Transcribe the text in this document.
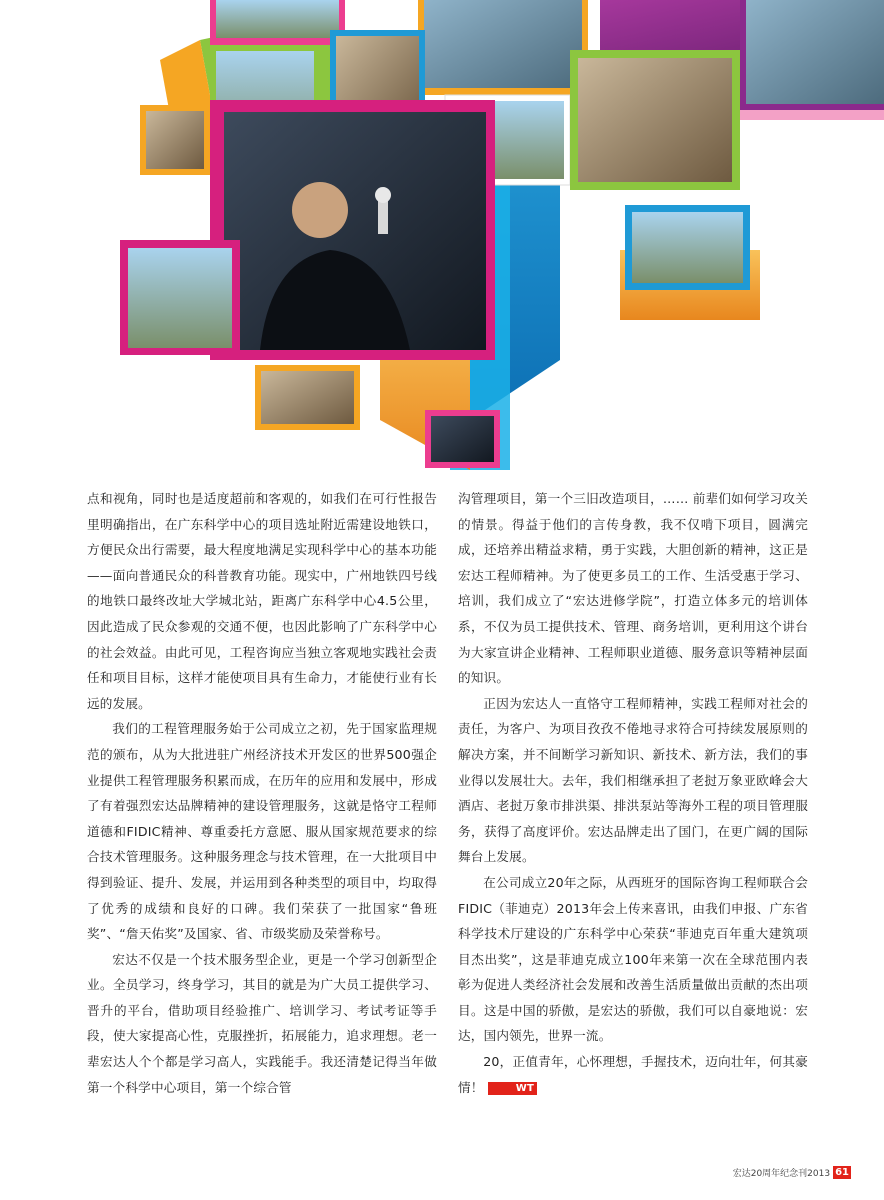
点和视角，同时也是适度超前和客观的，如我们在可行性报告里明确指出，在广东科学中心的项目选址附近需建设地铁口，方便民众出行需要，最大程度地满足实现科学中心的基本功能——面向普通民众的科普教育功能。现实中，广州地铁四号线的地铁口最终改址大学城北站，距离广东科学中心4.5公里，因此造成了民众参观的交通不便，也因此影响了广东科学中心的社会效益。由此可见，工程咨询应当独立客观地实践社会责任和项目目标，这样才能使项目具有生命力，才能使行业有长远的发展。

我们的工程管理服务始于公司成立之初，先于国家监理规范的颁布，从为大批进驻广州经济技术开发区的世界500强企业提供工程管理服务积累而成，在历年的应用和发展中，形成了有着强烈宏达品牌精神的建设管理服务，这就是恪守工程师道德和FIDIC精神、尊重委托方意愿、服从国家规范要求的综合技术管理服务。这种服务理念与技术管理，在一大批项目中得到验证、提升、发展，并运用到各种类型的项目中，均取得了优秀的成绩和良好的口碑。我们荣获了一批国家“鲁班奖”、“詹天佑奖”及国家、省、市级奖励及荣誉称号。

宏达不仅是一个技术服务型企业，更是一个学习创新型企业。全员学习，终身学习，其目的就是为广大员工提供学习、晋升的平台，借助项目经验推广、培训学习、考试考证等手段，使大家提高心性，克服挫折，拓展能力，追求理想。老一辈宏达人个个都是学习高人，实践能手。我还清楚记得当年做第一个科学中心项目，第一个综合管

沟管理项目，第一个三旧改造项目，…… 前辈们如何学习攻关的情景。得益于他们的言传身教，我不仅啃下项目，圆满完成，还培养出精益求精，勇于实践，大胆创新的精神，这正是宏达工程师精神。为了使更多员工的工作、生活受惠于学习、培训，我们成立了“宏达进修学院”，打造立体多元的培训体系，不仅为员工提供技术、管理、商务培训，更利用这个讲台为大家宣讲企业精神、工程师职业道德、服务意识等精神层面的知识。

正因为宏达人一直恪守工程师精神，实践工程师对社会的责任，为客户、为项目孜孜不倦地寻求符合可持续发展原则的解决方案，并不间断学习新知识、新技术、新方法，我们的事业得以发展壮大。去年，我们相继承担了老挝万象亚欧峰会大酒店、老挝万象市排洪渠、排洪泵站等海外工程的项目管理服务，获得了高度评价。宏达品牌走出了国门，在更广阔的国际舞台上发展。

在公司成立20年之际，从西班牙的国际咨询工程师联合会FIDIC（菲迪克）2013年会上传来喜讯，由我们申报、广东省科学技术厅建设的广东科学中心荣获“菲迪克百年重大建筑项目杰出奖”，这是菲迪克成立100年来第一次在全球范围内表彰为促进人类经济社会发展和改善生活质量做出贡献的杰出项目。这是中国的骄傲，是宏达的骄傲，我们可以自豪地说：宏达，国内领先，世界一流。

20，正值青年，心怀理想，手握技术，迈向壮年，何其豪情！	WT

宏达20周年纪念刊2013 61
